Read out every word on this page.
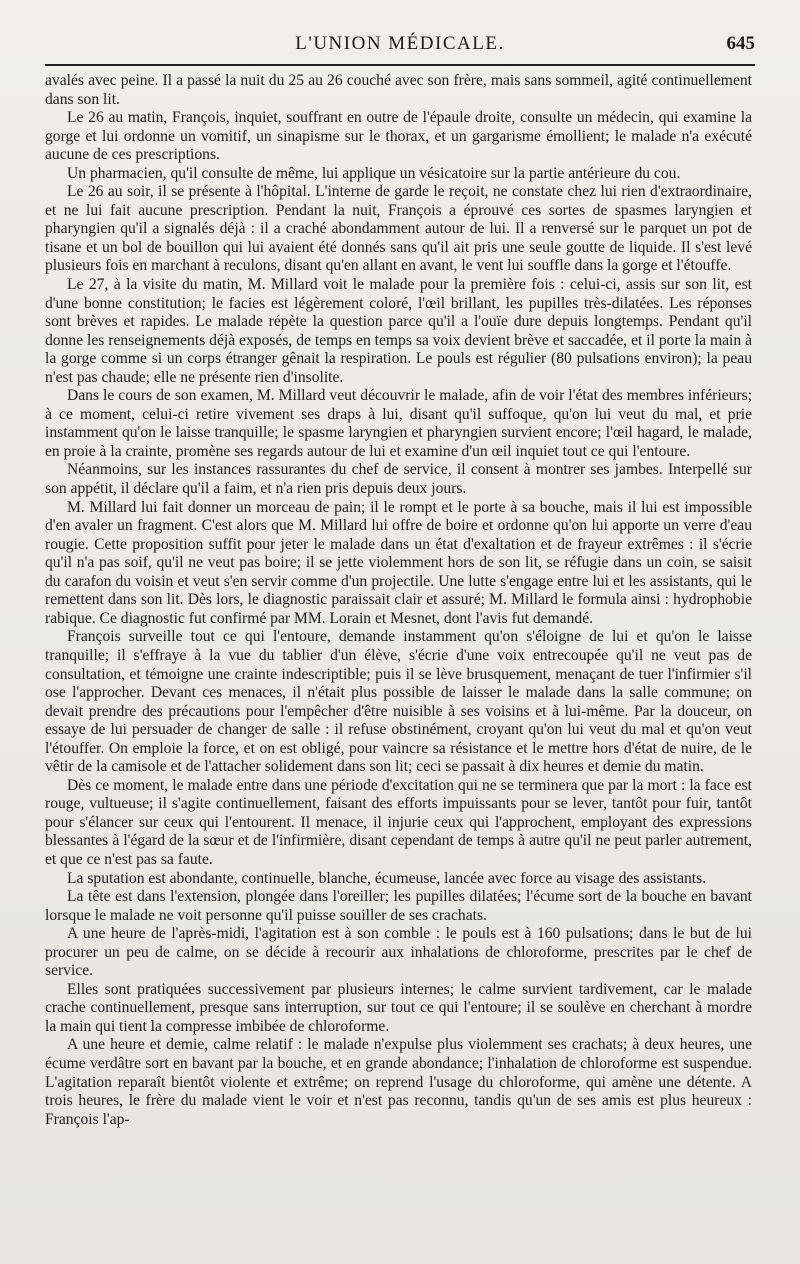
L'UNION MÉDICALE.	645

avalés avec peine. Il a passé la nuit du 25 au 26 couché avec son frère, mais sans sommeil, agité continuellement dans son lit.

Le 26 au matin, François, inquiet, souffrant en outre de l'épaule droite, consulte un médecin, qui examine la gorge et lui ordonne un vomitif, un sinapisme sur le thorax, et un gargarisme émollient; le malade n'a exécuté aucune de ces prescriptions.

Un pharmacien, qu'il consulte de même, lui applique un vésicatoire sur la partie antérieure du cou.

Le 26 au soir, il se présente à l'hôpital. L'interne de garde le reçoit, ne constate chez lui rien d'extraordinaire, et ne lui fait aucune prescription. Pendant la nuit, François a éprouvé ces sortes de spasmes laryngien et pharyngien qu'il a signalés déjà : il a craché abondamment autour de lui. Il a renversé sur le parquet un pot de tisane et un bol de bouillon qui lui avaient été donnés sans qu'il ait pris une seule goutte de liquide. Il s'est levé plusieurs fois en marchant à reculons, disant qu'en allant en avant, le vent lui souffle dans la gorge et l'étouffe.

Le 27, à la visite du matin, M. Millard voit le malade pour la première fois : celui-ci, assis sur son lit, est d'une bonne constitution; le facies est légèrement coloré, l'œil brillant, les pupilles très-dilatées. Les réponses sont brèves et rapides. Le malade répète la question parce qu'il a l'ouïe dure depuis longtemps. Pendant qu'il donne les renseignements déjà exposés, de temps en temps sa voix devient brève et saccadée, et il porte la main à la gorge comme si un corps étranger gênait la respiration. Le pouls est régulier (80 pulsations environ); la peau n'est pas chaude; elle ne présente rien d'insolite.

Dans le cours de son examen, M. Millard veut découvrir le malade, afin de voir l'état des membres inférieurs; à ce moment, celui-ci retire vivement ses draps à lui, disant qu'il suffoque, qu'on lui veut du mal, et prie instamment qu'on le laisse tranquille; le spasme laryngien et pharyngien survient encore; l'œil hagard, le malade, en proie à la crainte, promène ses regards autour de lui et examine d'un œil inquiet tout ce qui l'entoure.

Néanmoins, sur les instances rassurantes du chef de service, il consent à montrer ses jambes. Interpellé sur son appétit, il déclare qu'il a faim, et n'a rien pris depuis deux jours.

M. Millard lui fait donner un morceau de pain; il le rompt et le porte à sa bouche, mais il lui est impossible d'en avaler un fragment. C'est alors que M. Millard lui offre de boire et ordonne qu'on lui apporte un verre d'eau rougie. Cette proposition suffit pour jeter le malade dans un état d'exaltation et de frayeur extrêmes : il s'écrie qu'il n'a pas soif, qu'il ne veut pas boire; il se jette violemment hors de son lit, se réfugie dans un coin, se saisit du carafon du voisin et veut s'en servir comme d'un projectile. Une lutte s'engage entre lui et les assistants, qui le remettent dans son lit. Dès lors, le diagnostic paraissait clair et assuré; M. Millard le formula ainsi : hydrophobie rabique. Ce diagnostic fut confirmé par MM. Lorain et Mesnet, dont l'avis fut demandé.

François surveille tout ce qui l'entoure, demande instamment qu'on s'éloigne de lui et qu'on le laisse tranquille; il s'effraye à la vue du tablier d'un élève, s'écrie d'une voix entrecoupée qu'il ne veut pas de consultation, et témoigne une crainte indescriptible; puis il se lève brusquement, menaçant de tuer l'infirmier s'il ose l'approcher. Devant ces menaces, il n'était plus possible de laisser le malade dans la salle commune; on devait prendre des précautions pour l'empêcher d'être nuisible à ses voisins et à lui-même. Par la douceur, on essaye de lui persuader de changer de salle : il refuse obstinément, croyant qu'on lui veut du mal et qu'on veut l'étouffer. On emploie la force, et on est obligé, pour vaincre sa résistance et le mettre hors d'état de nuire, de le vêtir de la camisole et de l'attacher solidement dans son lit; ceci se passait à dix heures et demie du matin.

Dès ce moment, le malade entre dans une période d'excitation qui ne se terminera que par la mort : la face est rouge, vultueuse; il s'agite continuellement, faisant des efforts impuissants pour se lever, tantôt pour fuir, tantôt pour s'élancer sur ceux qui l'entourent. Il menace, il injurie ceux qui l'approchent, employant des expressions blessantes à l'égard de la sœur et de l'infirmière, disant cependant de temps à autre qu'il ne peut parler autrement, et que ce n'est pas sa faute.

La sputation est abondante, continuelle, blanche, écumeuse, lancée avec force au visage des assistants.

La tête est dans l'extension, plongée dans l'oreiller; les pupilles dilatées; l'écume sort de la bouche en bavant lorsque le malade ne voit personne qu'il puisse souiller de ses crachats.

A une heure de l'après-midi, l'agitation est à son comble : le pouls est à 160 pulsations; dans le but de lui procurer un peu de calme, on se décide à recourir aux inhalations de chloroforme, prescrites par le chef de service.

Elles sont pratiquées successivement par plusieurs internes; le calme survient tardivement, car le malade crache continuellement, presque sans interruption, sur tout ce qui l'entoure; il se soulève en cherchant à mordre la main qui tient la compresse imbibée de chloroforme.

A une heure et demie, calme relatif : le malade n'expulse plus violemment ses crachats; à deux heures, une écume verdâtre sort en bavant par la bouche, et en grande abondance; l'inhalation de chloroforme est suspendue. L'agitation reparaît bientôt violente et extrême; on reprend l'usage du chloroforme, qui amène une détente. A trois heures, le frère du malade vient le voir et n'est pas reconnu, tandis qu'un de ses amis est plus heureux : François l'ap-
